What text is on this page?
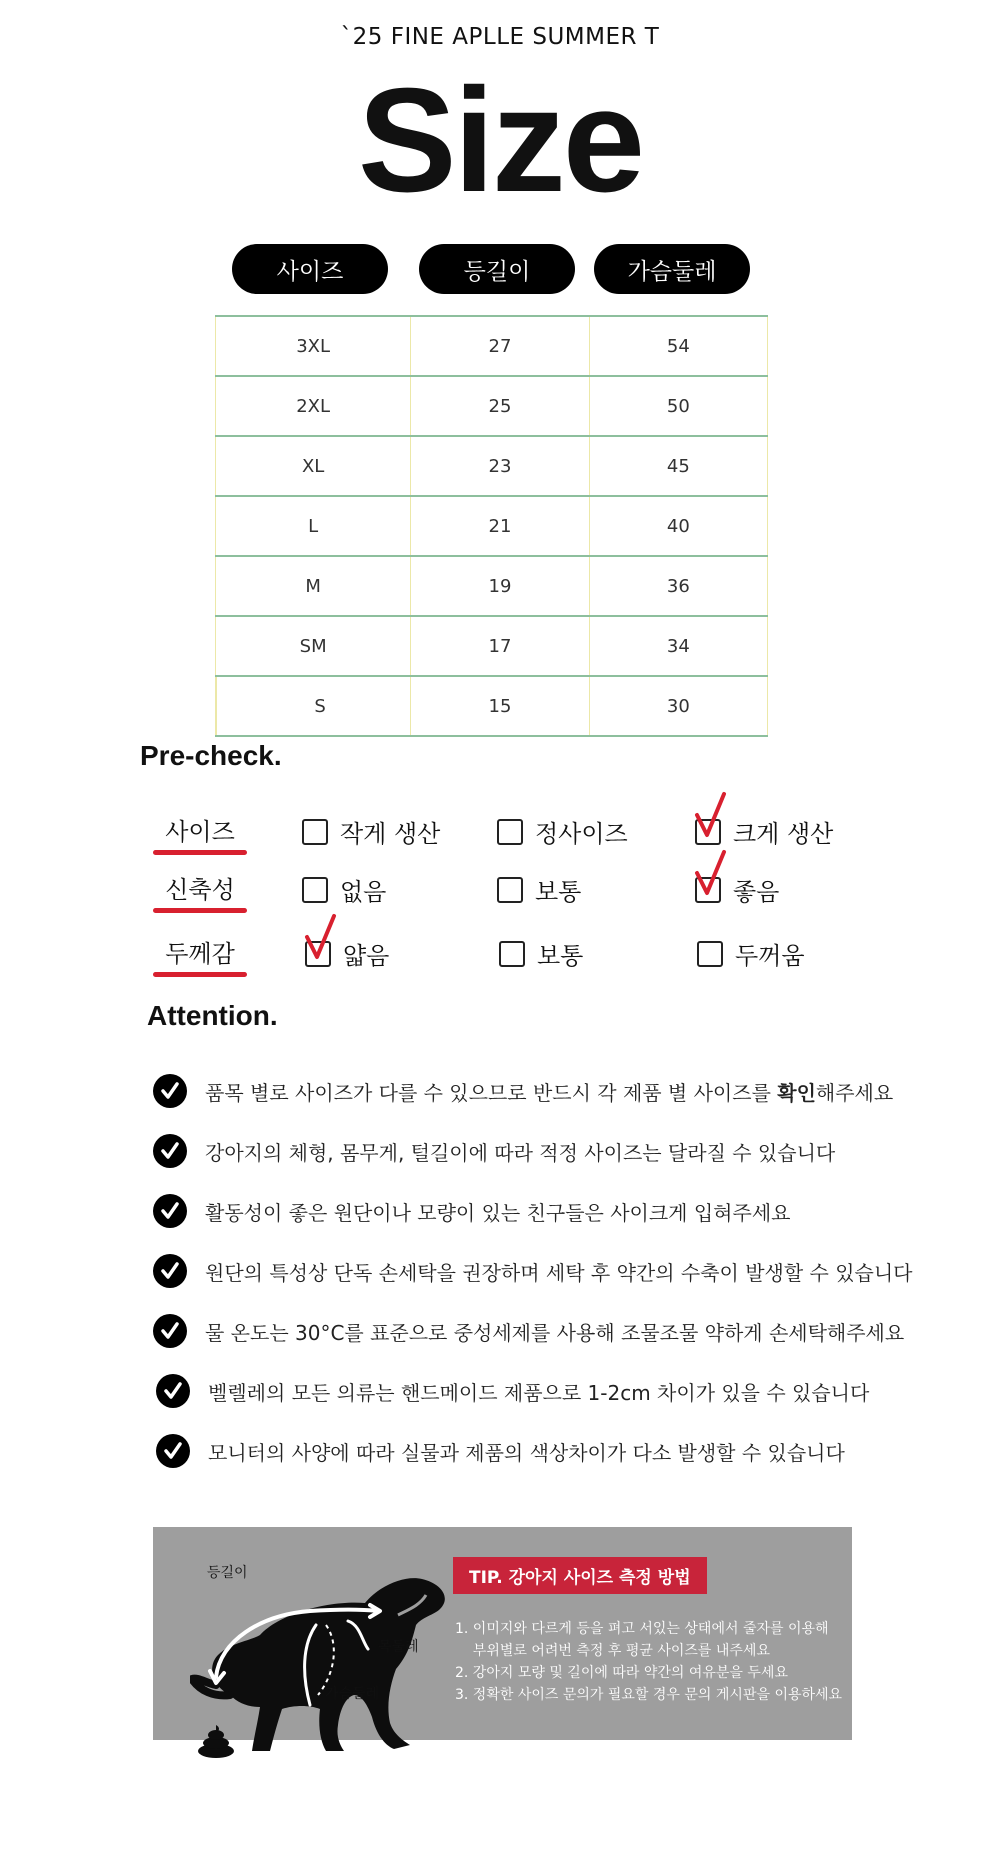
`25 FINE APLLE SUMMER T
Size
사이즈	등길이	가슴둘레
3XL	27	54
2XL	25	50
XL	23	45
L	21	40
M	19	36
SM	17	34
S	15	30
Pre-check.
사이즈	작게 생산	정사이즈	크게 생산
신축성	없음	보통	좋음
두께감	얇음	보통	두꺼움
Attention.
품목 별로 사이즈가 다를 수 있으므로 반드시 각 제품 별 사이즈를 확인해주세요
강아지의 체형, 몸무게, 털길이에 따라 적정 사이즈는 달라질 수 있습니다
활동성이 좋은 원단이나 모량이 있는 친구들은 사이크게 입혀주세요
원단의 특성상 단독 손세탁을 권장하며 세탁 후 약간의 수축이 발생할 수 있습니다
물 온도는 30°C를 표준으로 중성세제를 사용해 조물조물 약하게 손세탁해주세요
벨렐레의 모든 의류는 핸드메이드 제품으로 1-2cm 차이가 있을 수 있습니다
모니터의 사양에 따라 실물과 제품의 색상차이가 다소 발생할 수 있습니다
등길이
목둘레
가슴둘레
TIP. 강아지 사이즈 측정 방법
1. 이미지와 다르게 등을 펴고 서있는 상태에서 줄자를 이용해
부위별로 어려번 측정 후 평균 사이즈를 내주세요
2. 강아지 모량 및 길이에 따라 약간의 여유분을 두세요
3. 정확한 사이즈 문의가 필요할 경우 문의 게시판을 이용하세요
